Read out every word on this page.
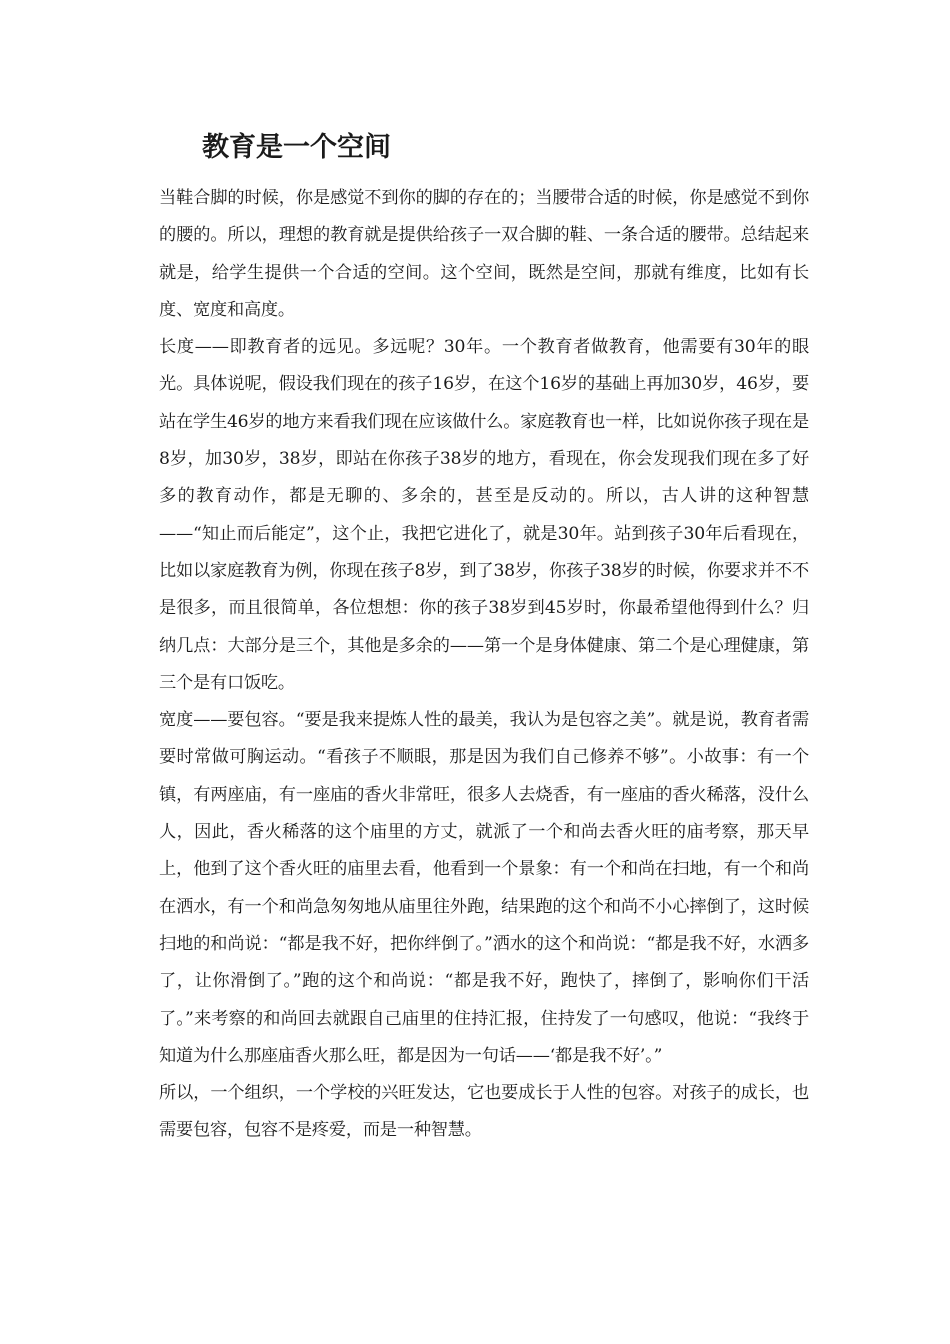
教育是一个空间

当鞋合脚的时候，你是感觉不到你的脚的存在的；当腰带合适的时候，你是感觉不到你的腰的。所以，理想的教育就是提供给孩子一双合脚的鞋、一条合适的腰带。总结起来就是，给学生提供一个合适的空间。这个空间，既然是空间，那就有维度，比如有长度、宽度和高度。

长度——即教育者的远见。多远呢？30年。一个教育者做教育，他需要有30年的眼光。具体说呢，假设我们现在的孩子16岁，在这个16岁的基础上再加30岁，46岁，要站在学生46岁的地方来看我们现在应该做什么。家庭教育也一样，比如说你孩子现在是8岁，加30岁，38岁，即站在你孩子38岁的地方，看现在，你会发现我们现在多了好多的教育动作，都是无聊的、多余的，甚至是反动的。所以，古人讲的这种智慧——“知止而后能定”，这个止，我把它进化了，就是30年。站到孩子30年后看现在，比如以家庭教育为例，你现在孩子8岁，到了38岁，你孩子38岁的时候，你要求并不不是很多，而且很简单，各位想想：你的孩子38岁到45岁时，你最希望他得到什么？归纳几点：大部分是三个，其他是多余的——第一个是身体健康、第二个是心理健康，第三个是有口饭吃。

宽度——要包容。“要是我来提炼人性的最美，我认为是包容之美”。就是说，教育者需要时常做可胸运动。“看孩子不顺眼，那是因为我们自己修养不够”。小故事：有一个镇，有两座庙，有一座庙的香火非常旺，很多人去烧香，有一座庙的香火稀落，没什么人，因此，香火稀落的这个庙里的方丈，就派了一个和尚去香火旺的庙考察，那天早上，他到了这个香火旺的庙里去看，他看到一个景象：有一个和尚在扫地，有一个和尚在洒水，有一个和尚急匆匆地从庙里往外跑，结果跑的这个和尚不小心摔倒了，这时候扫地的和尚说：“都是我不好，把你绊倒了。”洒水的这个和尚说：“都是我不好，水洒多了，让你滑倒了。”跑的这个和尚说：“都是我不好，跑快了，摔倒了，影响你们干活了。”来考察的和尚回去就跟自己庙里的住持汇报，住持发了一句感叹，他说：“我终于知道为什么那座庙香火那么旺，都是因为一句话——‘都是我不好’。”

所以，一个组织，一个学校的兴旺发达，它也要成长于人性的包容。对孩子的成长，也需要包容，包容不是疼爱，而是一种智慧。
